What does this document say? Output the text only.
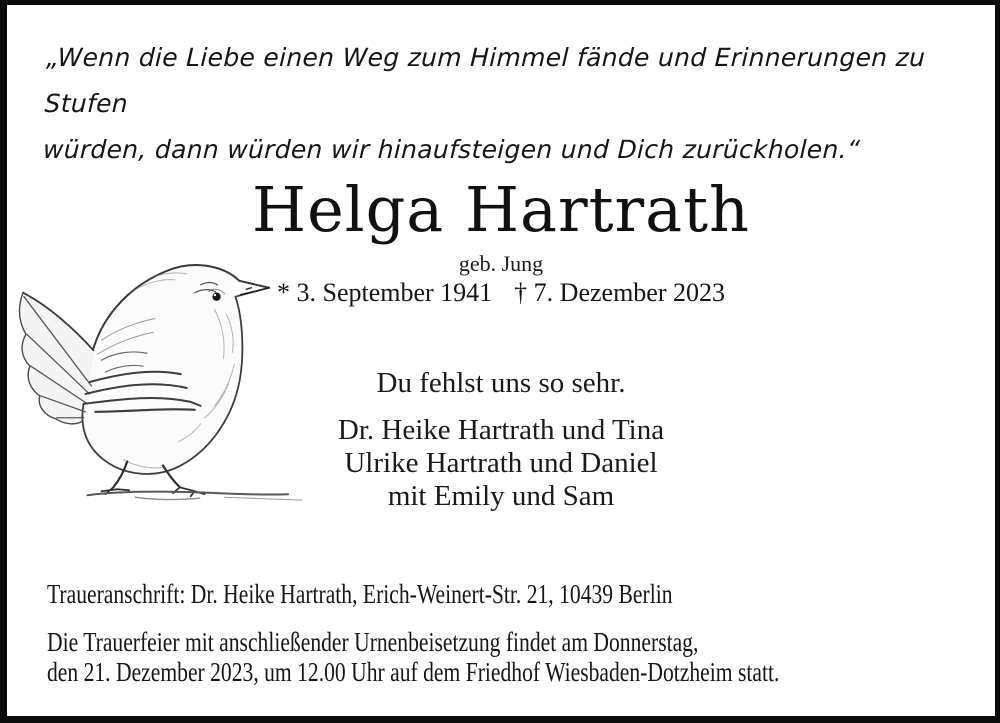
„Wenn die Liebe einen Weg zum Himmel fände und Erinnerungen zu Stufen
würden, dann würden wir hinaufsteigen und Dich zurückholen.“
Helga Hartrath
geb. Jung
* 3. September 1941 † 7. Dezember 2023
Du fehlst uns so sehr.
Dr. Heike Hartrath und Tina
Ulrike Hartrath und Daniel
mit Emily und Sam
Traueranschrift: Dr. Heike Hartrath, Erich-Weinert-Str. 21, 10439 Berlin
Die Trauerfeier mit anschließender Urnenbeisetzung findet am Donnerstag,
den 21. Dezember 2023, um 12.00 Uhr auf dem Friedhof Wiesbaden-Dotzheim statt.
